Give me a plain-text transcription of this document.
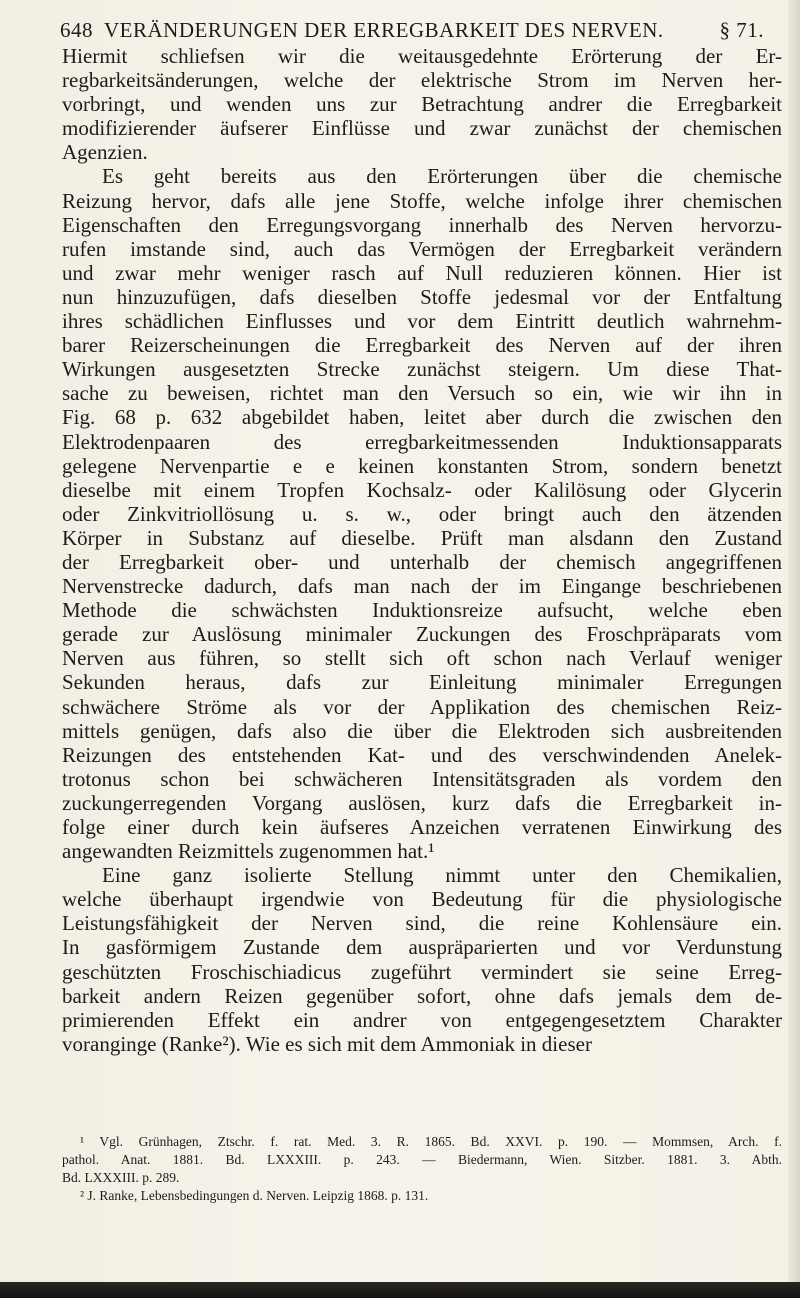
648 VERÄNDERUNGEN DER ERREGBARKEIT DES NERVEN.	§ 71.
Hiermit schliefsen wir die weitausgedehnte Erörterung der Er-
regbarkeitsänderungen, welche der elektrische Strom im Nerven her-
vorbringt, und wenden uns zur Betrachtung andrer die Erregbarkeit
modifizierender äufserer Einflüsse und zwar zunächst der chemischen
Agenzien.
Es geht bereits aus den Erörterungen über die chemische
Reizung hervor, dafs alle jene Stoffe, welche infolge ihrer chemischen
Eigenschaften den Erregungsvorgang innerhalb des Nerven hervorzu-
rufen imstande sind, auch das Vermögen der Erregbarkeit verändern
und zwar mehr weniger rasch auf Null reduzieren können. Hier ist
nun hinzuzufügen, dafs dieselben Stoffe jedesmal vor der Entfaltung
ihres schädlichen Einflusses und vor dem Eintritt deutlich wahrnehm-
barer Reizerscheinungen die Erregbarkeit des Nerven auf der ihren
Wirkungen ausgesetzten Strecke zunächst steigern. Um diese That-
sache zu beweisen, richtet man den Versuch so ein, wie wir ihn in
Fig. 68 p. 632 abgebildet haben, leitet aber durch die zwischen den
Elektrodenpaaren des erregbarkeitmessenden Induktionsapparats
gelegene Nervenpartie e e keinen konstanten Strom, sondern benetzt
dieselbe mit einem Tropfen Kochsalz- oder Kalilösung oder Glycerin
oder Zinkvitriollösung u. s. w., oder bringt auch den ätzenden
Körper in Substanz auf dieselbe. Prüft man alsdann den Zustand
der Erregbarkeit ober- und unterhalb der chemisch angegriffenen
Nervenstrecke dadurch, dafs man nach der im Eingange beschriebenen
Methode die schwächsten Induktionsreize aufsucht, welche eben
gerade zur Auslösung minimaler Zuckungen des Froschpräparats vom
Nerven aus führen, so stellt sich oft schon nach Verlauf weniger
Sekunden heraus, dafs zur Einleitung minimaler Erregungen
schwächere Ströme als vor der Applikation des chemischen Reiz-
mittels genügen, dafs also die über die Elektroden sich ausbreitenden
Reizungen des entstehenden Kat- und des verschwindenden Anelek-
trotonus schon bei schwächeren Intensitätsgraden als vordem den
zuckungerregenden Vorgang auslösen, kurz dafs die Erregbarkeit in-
folge einer durch kein äufseres Anzeichen verratenen Einwirkung des
angewandten Reizmittels zugenommen hat.¹
Eine ganz isolierte Stellung nimmt unter den Chemikalien,
welche überhaupt irgendwie von Bedeutung für die physiologische
Leistungsfähigkeit der Nerven sind, die reine Kohlensäure ein.
In gasförmigem Zustande dem auspräparierten und vor Verdunstung
geschützten Froschischiadicus zugeführt vermindert sie seine Erreg-
barkeit andern Reizen gegenüber sofort, ohne dafs jemals dem de-
primierenden Effekt ein andrer von entgegengesetztem Charakter
voranginge (Ranke²). Wie es sich mit dem Ammoniak in dieser
¹ Vgl. Grünhagen, Ztschr. f. rat. Med. 3. R. 1865. Bd. XXVI. p. 190. — Mommsen, Arch. f.
pathol. Anat. 1881. Bd. LXXXIII. p. 243. — Biedermann, Wien. Sitzber. 1881. 3. Abth.
Bd. LXXXIII. p. 289.
² J. Ranke, Lebensbedingungen d. Nerven. Leipzig 1868. p. 131.
